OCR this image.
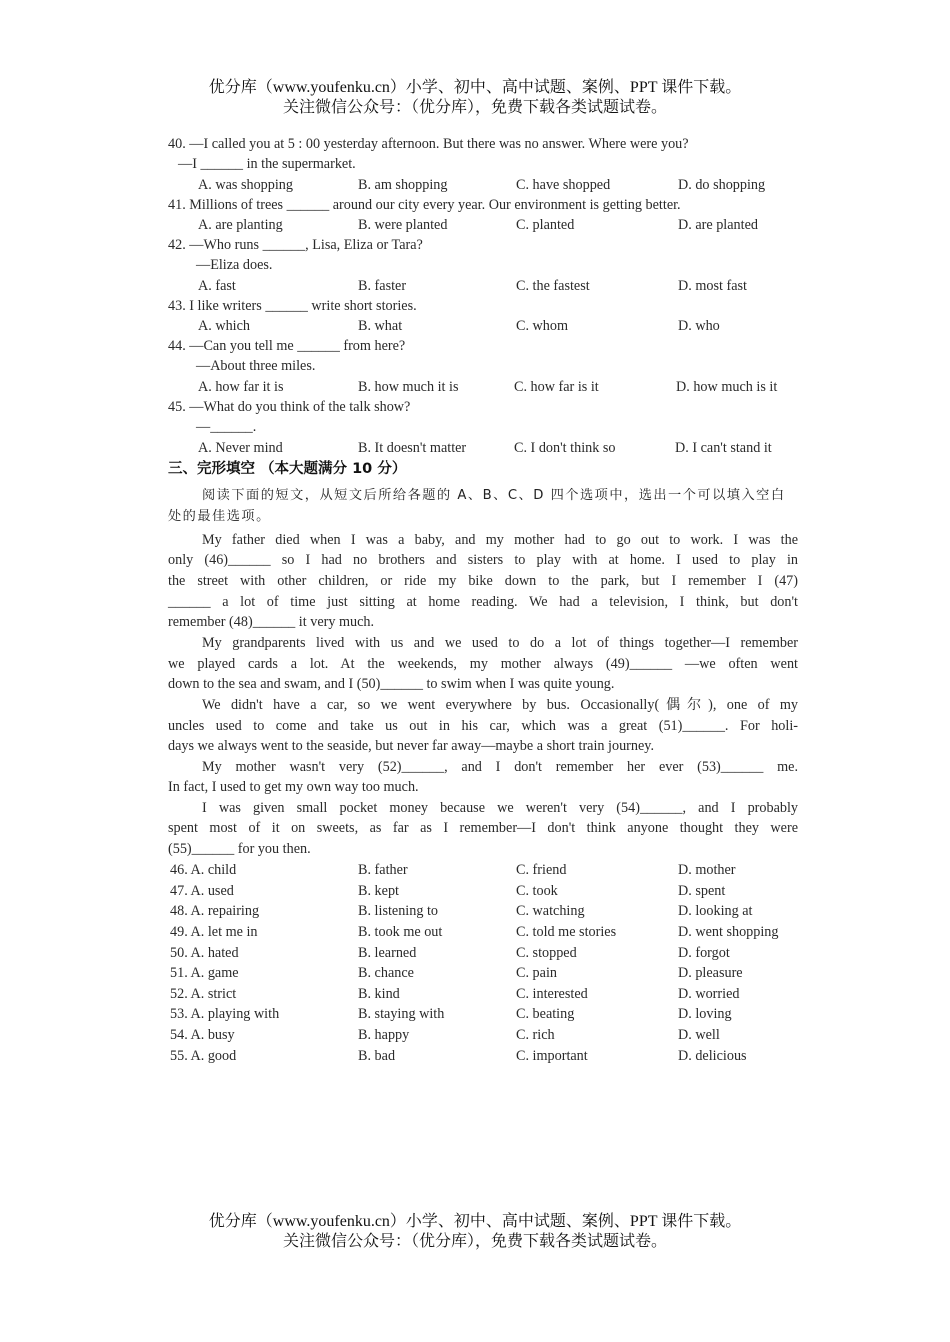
优分库（www.youfenku.cn）小学、初中、高中试题、案例、PPT 课件下载。
关注微信公众号：（优分库），免费下载各类试题试卷。
40. —I called you at 5 : 00 yesterday afternoon. But there was no answer. Where were you?
—I ______ in the supermarket.
A. was shopping	B. am shopping	C. have shopped	D. do shopping
41. Millions of trees ______ around our city every year. Our environment is getting better.
A. are planting	B. were planted	C. planted	D. are planted
42. —Who runs ______, Lisa, Eliza or Tara?
—Eliza does.
A. fast	B. faster	C. the fastest	D. most fast
43. I like writers ______ write short stories.
A. which	B. what	C. whom	D. who
44. —Can you tell me ______ from here?
—About three miles.
A. how far it is	B. how much it is	C. how far is it	D. how much is it
45. —What do you think of the talk show?
—______.
A. Never mind	B. It doesn't matter	C. I don't think so	D. I can't stand it
三、完形填空 （本大题满分 10 分）
阅读下面的短文，从短文后所给各题的 A、B、C、D 四个选项中，选出一个可以填入空白
处的最佳选项。
My father died when I was a baby, and my mother had to go out to work. I was the
only (46)______ so I had no brothers and sisters to play with at home. I used to play in
the street with other children, or ride my bike down to the park, but I remember I (47)
______ a lot of time just sitting at home reading. We had a television, I think, but don't
remember (48)______ it very much.
My grandparents lived with us and we used to do a lot of things together—I remember
we played cards a lot. At the weekends, my mother always (49)______ —we often went
down to the sea and swam, and I (50)______ to swim when I was quite young.
We didn't have a car, so we went everywhere by bus. Occasionally(偶尔), one of my
uncles used to come and take us out in his car, which was a great (51)______. For holi-
days we always went to the seaside, but never far away—maybe a short train journey.
My mother wasn't very (52)______, and I don't remember her ever (53)______ me.
In fact, I used to get my own way too much.
I was given small pocket money because we weren't very (54)______, and I probably
spent most of it on sweets, as far as I remember—I don't think anyone thought they were
(55)______ for you then.
46. A. child	B. father	C. friend	D. mother
47. A. used	B. kept	C. took	D. spent
48. A. repairing	B. listening to	C. watching	D. looking at
49. A. let me in	B. took me out	C. told me stories	D. went shopping
50. A. hated	B. learned	C. stopped	D. forgot
51. A. game	B. chance	C. pain	D. pleasure
52. A. strict	B. kind	C. interested	D. worried
53. A. playing with	B. staying with	C. beating	D. loving
54. A. busy	B. happy	C. rich	D. well
55. A. good	B. bad	C. important	D. delicious
优分库（www.youfenku.cn）小学、初中、高中试题、案例、PPT 课件下载。
关注微信公众号：（优分库），免费下载各类试题试卷。
